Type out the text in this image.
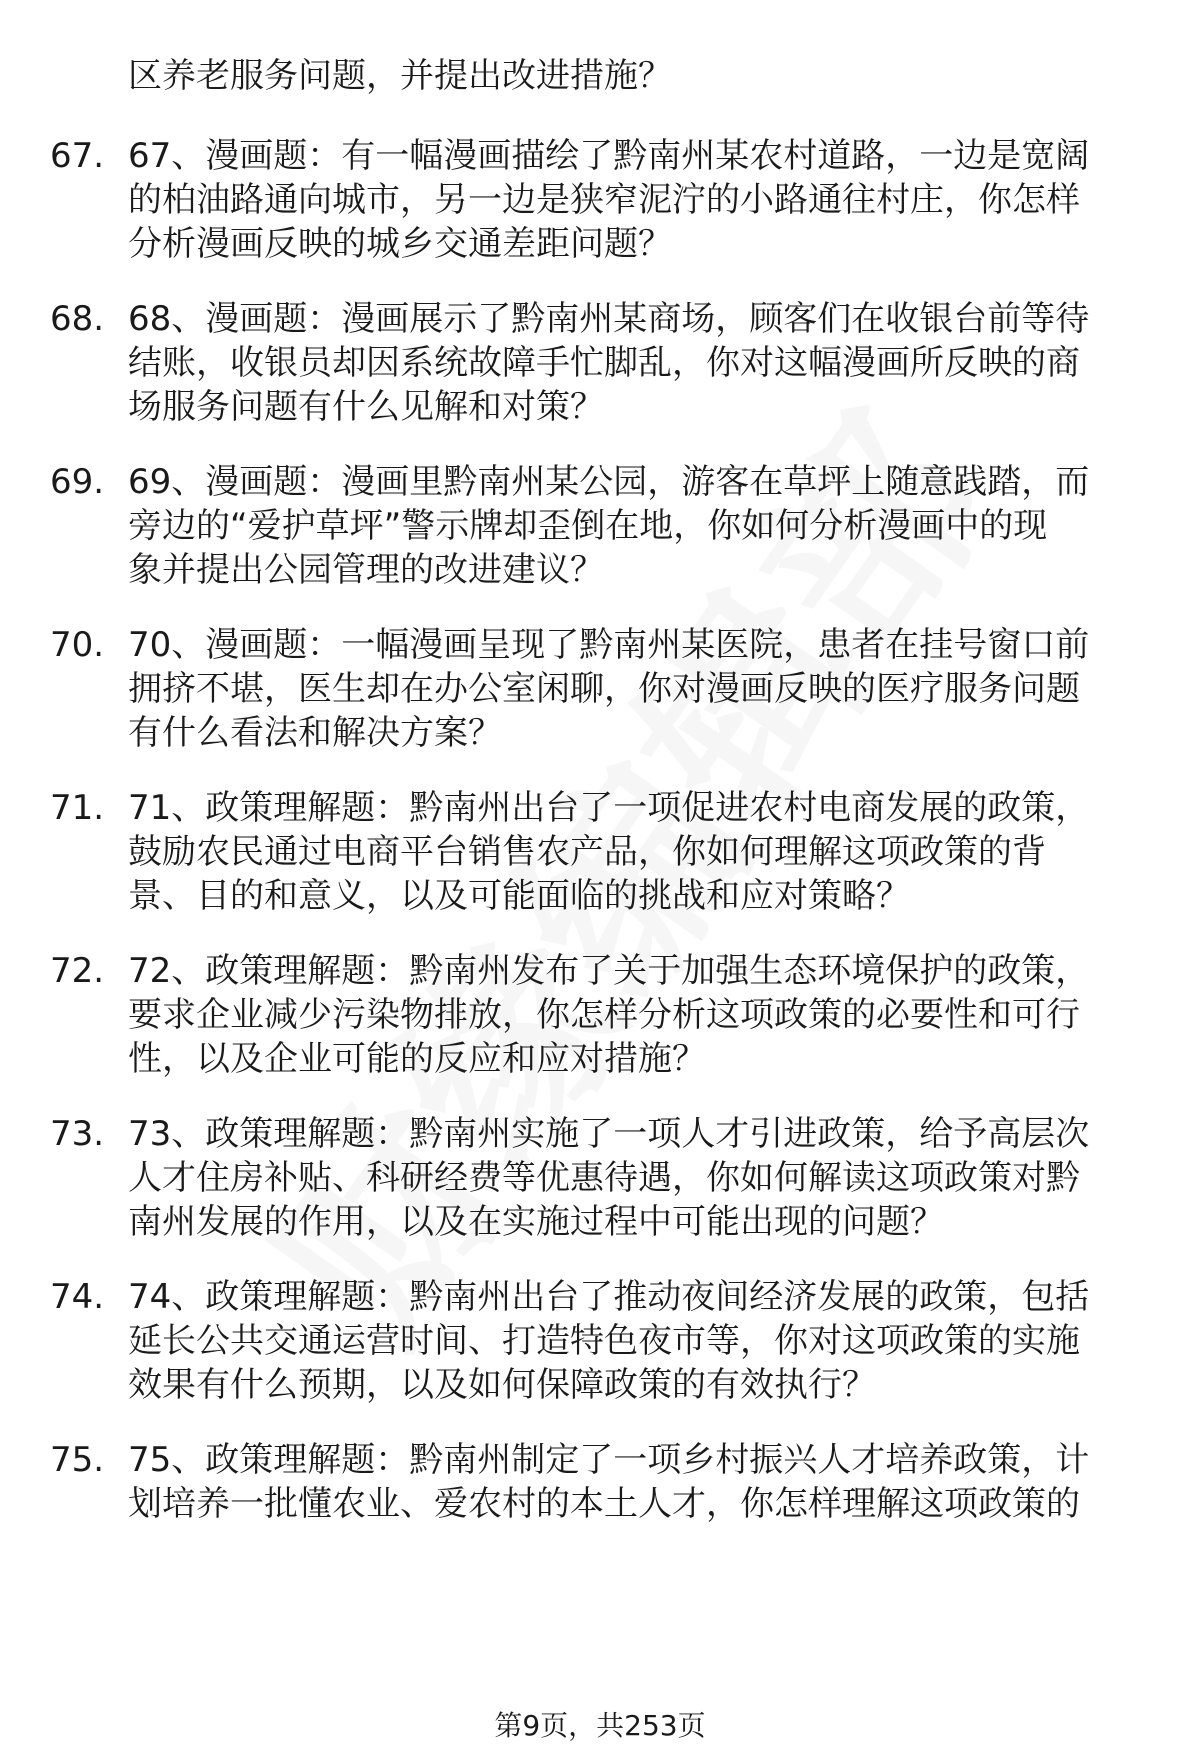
区养老服务问题，并提出改进措施？
67. 67、漫画题：有一幅漫画描绘了黔南州某农村道路，一边是宽阔
的柏油路通向城市，另一边是狭窄泥泞的小路通往村庄，你怎样
分析漫画反映的城乡交通差距问题？
68. 68、漫画题：漫画展示了黔南州某商场，顾客们在收银台前等待
结账，收银员却因系统故障手忙脚乱，你对这幅漫画所反映的商
场服务问题有什么见解和对策？
69. 69、漫画题：漫画里黔南州某公园，游客在草坪上随意践踏，而
旁边的“爱护草坪”警示牌却歪倒在地，你如何分析漫画中的现
象并提出公园管理的改进建议？
70. 70、漫画题：一幅漫画呈现了黔南州某医院，患者在挂号窗口前
拥挤不堪，医生却在办公室闲聊，你对漫画反映的医疗服务问题
有什么看法和解决方案？
71. 71、政策理解题：黔南州出台了一项促进农村电商发展的政策，
鼓励农民通过电商平台销售农产品，你如何理解这项政策的背
景、目的和意义，以及可能面临的挑战和应对策略？
72. 72、政策理解题：黔南州发布了关于加强生态环境保护的政策，
要求企业减少污染物排放，你怎样分析这项政策的必要性和可行
性，以及企业可能的反应和应对措施？
73. 73、政策理解题：黔南州实施了一项人才引进政策，给予高层次
人才住房补贴、科研经费等优惠待遇，你如何解读这项政策对黔
南州发展的作用，以及在实施过程中可能出现的问题？
74. 74、政策理解题：黔南州出台了推动夜间经济发展的政策，包括
延长公共交通运营时间、打造特色夜市等，你对这项政策的实施
效果有什么预期，以及如何保障政策的有效执行？
75. 75、政策理解题：黔南州制定了一项乡村振兴人才培养政策，计
划培养一批懂农业、爱农村的本土人才，你怎样理解这项政策的
第9页，共253页
